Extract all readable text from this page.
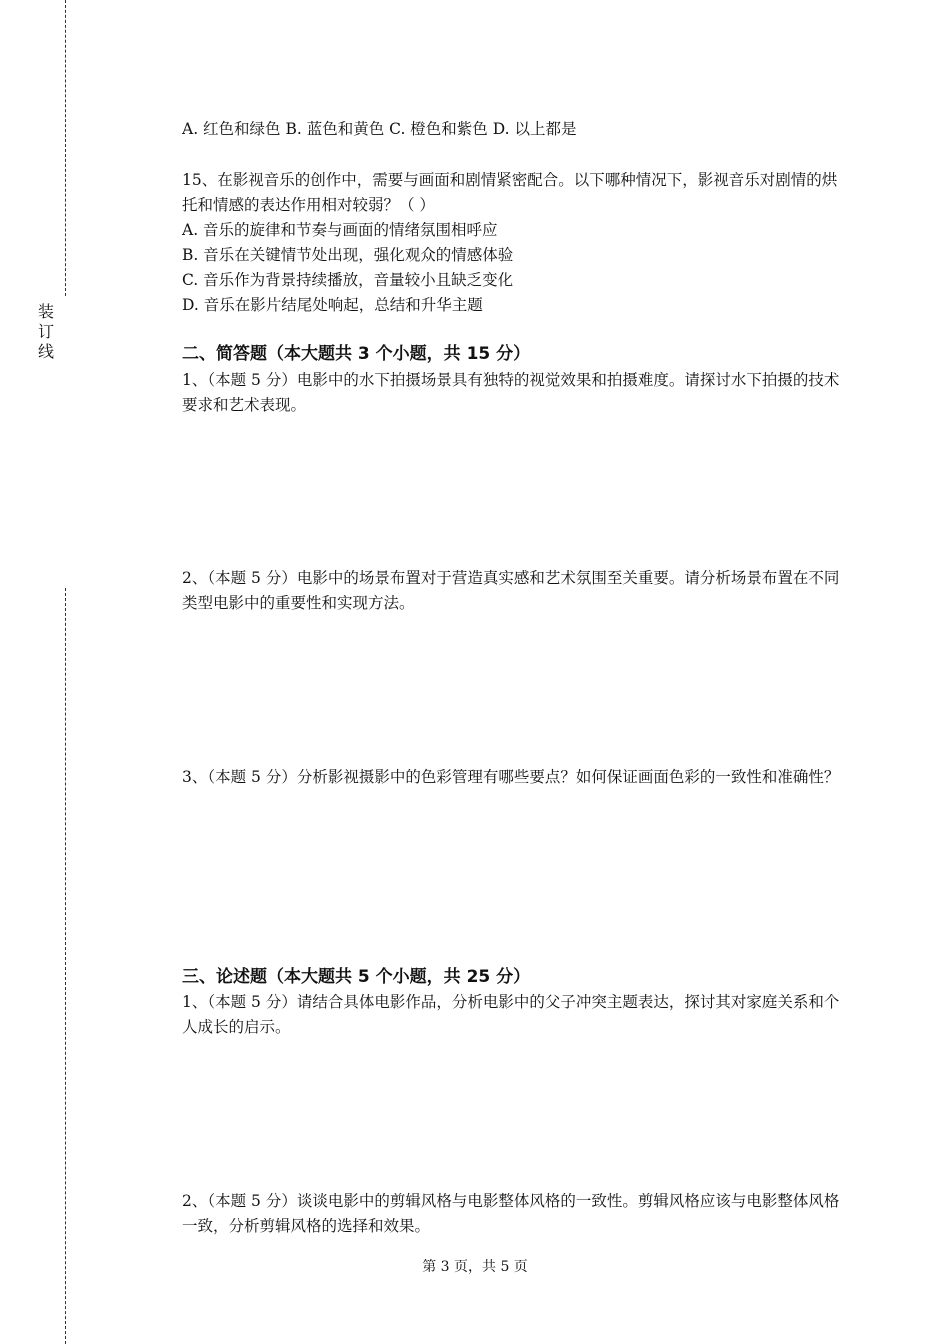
装
订
线
A. 红色和绿色 B. 蓝色和黄色 C. 橙色和紫色 D. 以上都是
15、在影视音乐的创作中，需要与画面和剧情紧密配合。以下哪种情况下，影视音乐对剧情的烘托和情感的表达作用相对较弱？（ ）
A. 音乐的旋律和节奏与画面的情绪氛围相呼应
B. 音乐在关键情节处出现，强化观众的情感体验
C. 音乐作为背景持续播放，音量较小且缺乏变化
D. 音乐在影片结尾处响起，总结和升华主题
二、简答题（本大题共 3 个小题，共 15 分）
1、（本题 5 分）电影中的水下拍摄场景具有独特的视觉效果和拍摄难度。请探讨水下拍摄的技术要求和艺术表现。
2、（本题 5 分）电影中的场景布置对于营造真实感和艺术氛围至关重要。请分析场景布置在不同类型电影中的重要性和实现方法。
3、（本题 5 分）分析影视摄影中的色彩管理有哪些要点？如何保证画面色彩的一致性和准确性？
三、论述题（本大题共 5 个小题，共 25 分）
1、（本题 5 分）请结合具体电影作品，分析电影中的父子冲突主题表达，探讨其对家庭关系和个人成长的启示。
2、（本题 5 分）谈谈电影中的剪辑风格与电影整体风格的一致性。剪辑风格应该与电影整体风格一致，分析剪辑风格的选择和效果。
第 3 页，共 5 页
